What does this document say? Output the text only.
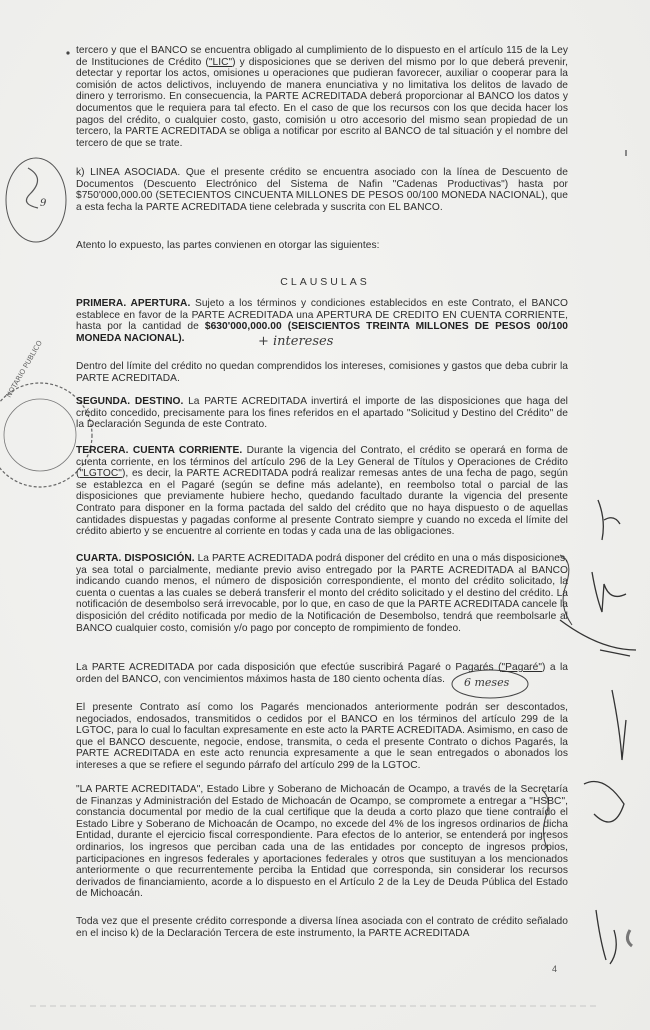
NOTARIO PUBLICO

tercero y que el BANCO se encuentra obligado al cumplimiento de lo dispuesto en el artículo 115 de la Ley de Instituciones de Crédito ("LIC") y disposiciones que se deriven del mismo por lo que deberá prevenir, detectar y reportar los actos, omisiones u operaciones que pudieran favorecer, auxiliar o cooperar para la comisión de actos delictivos, incluyendo de manera enunciativa y no limitativa los delitos de lavado de dinero y terrorismo. En consecuencia, la PARTE ACREDITADA deberá proporcionar al BANCO los datos y documentos que le requiera para tal efecto. En el caso de que los recursos con los que decida hacer los pagos del crédito, o cualquier costo, gasto, comisión u otro accesorio del mismo sean propiedad de un tercero, la PARTE ACREDITADA se obliga a notificar por escrito al BANCO de tal situación y el nombre del tercero de que se trate.

k) LINEA ASOCIADA. Que el presente crédito se encuentra asociado con la línea de Descuento de Documentos (Descuento Electrónico del Sistema de Nafin "Cadenas Productivas") hasta por $750'000,000.00 (SETECIENTOS CINCUENTA MILLONES DE PESOS 00/100 MONEDA NACIONAL), que a esta fecha la PARTE ACREDITADA tiene celebrada y suscrita con EL BANCO.

Atento lo expuesto, las partes convienen en otorgar las siguientes:

CLAUSULAS

PRIMERA. APERTURA. Sujeto a los términos y condiciones establecidos en este Contrato, el BANCO establece en favor de la PARTE ACREDITADA una APERTURA DE CREDITO EN CUENTA CORRIENTE, hasta por la cantidad de $630'000,000.00 (SEISCIENTOS TREINTA MILLONES DE PESOS 00/100 MONEDA NACIONAL).

Dentro del límite del crédito no quedan comprendidos los intereses, comisiones y gastos que deba cubrir la PARTE ACREDITADA.

SEGUNDA. DESTINO. La PARTE ACREDITADA invertirá el importe de las disposiciones que haga del crédito concedido, precisamente para los fines referidos en el apartado "Solicitud y Destino del Crédito" de la Declaración Segunda de este Contrato.

TERCERA. CUENTA CORRIENTE. Durante la vigencia del Contrato, el crédito se operará en forma de cuenta corriente, en los términos del artículo 296 de la Ley General de Títulos y Operaciones de Crédito ("LGTOC"), es decir, la PARTE ACREDITADA podrá realizar remesas antes de una fecha de pago, según se establezca en el Pagaré (según se define más adelante), en reembolso total o parcial de las disposiciones que previamente hubiere hecho, quedando facultado durante la vigencia del presente Contrato para disponer en la forma pactada del saldo del crédito que no haya dispuesto o de aquellas cantidades dispuestas y pagadas conforme al presente Contrato siempre y cuando no exceda el límite del crédito abierto y se encuentre al corriente en todas y cada una de las obligaciones.

CUARTA. DISPOSICIÓN. La PARTE ACREDITADA podrá disponer del crédito en una o más disposiciones, ya sea total o parcialmente, mediante previo aviso entregado por la PARTE ACREDITADA al BANCO indicando cuando menos, el número de disposición correspondiente, el monto del crédito solicitado, la cuenta o cuentas a las cuales se deberá transferir el monto del crédito solicitado y el destino del crédito. La notificación de desembolso será irrevocable, por lo que, en caso de que la PARTE ACREDITADA cancele la disposición del crédito notificada por medio de la Notificación de Desembolso, tendrá que reembolsarle al BANCO cualquier costo, comisión y/o pago por concepto de rompimiento de fondeo.

La PARTE ACREDITADA por cada disposición que efectúe suscribirá Pagaré o Pagarés ("Pagaré") a la orden del BANCO, con vencimientos máximos hasta de 180 ciento ochenta días.

El presente Contrato así como los Pagarés mencionados anteriormente podrán ser descontados, negociados, endosados, transmitidos o cedidos por el BANCO en los términos del artículo 299 de la LGTOC, para lo cual lo facultan expresamente en este acto la PARTE ACREDITADA. Asimismo, en caso de que el BANCO descuente, negocie, endose, transmita, o ceda el presente Contrato o dichos Pagarés, la PARTE ACREDITADA en este acto renuncia expresamente a que le sean entregados o abonados los intereses a que se refiere el segundo párrafo del artículo 299 de la LGTOC.

"LA PARTE ACREDITADA", Estado Libre y Soberano de Michoacán de Ocampo, a través de la Secretaría de Finanzas y Administración del Estado de Michoacán de Ocampo, se compromete a entregar a "HSBC", constancia documental por medio de la cual certifique que la deuda a corto plazo que tiene contraído el Estado Libre y Soberano de Michoacán de Ocampo, no excede del 4% de los ingresos ordinarios de dicha Entidad, durante el ejercicio fiscal correspondiente. Para efectos de lo anterior, se entenderá por ingresos ordinarios, los ingresos que perciban cada una de las entidades por concepto de ingresos propios, participaciones en ingresos federales y aportaciones federales y otros que sustituyan a los mencionados anteriormente o que recurrentemente perciba la Entidad que corresponda, sin considerar los recursos derivados de financiamiento, acorde a lo dispuesto en el Artículo 2 de la Ley de Deuda Pública del Estado de Michoacán.

Toda vez que el presente crédito corresponde a diversa línea asociada con el contrato de crédito señalado en el inciso k) de la Declaración Tercera de este instrumento, la PARTE ACREDITADA

+ intereses
6 meses
9
4
